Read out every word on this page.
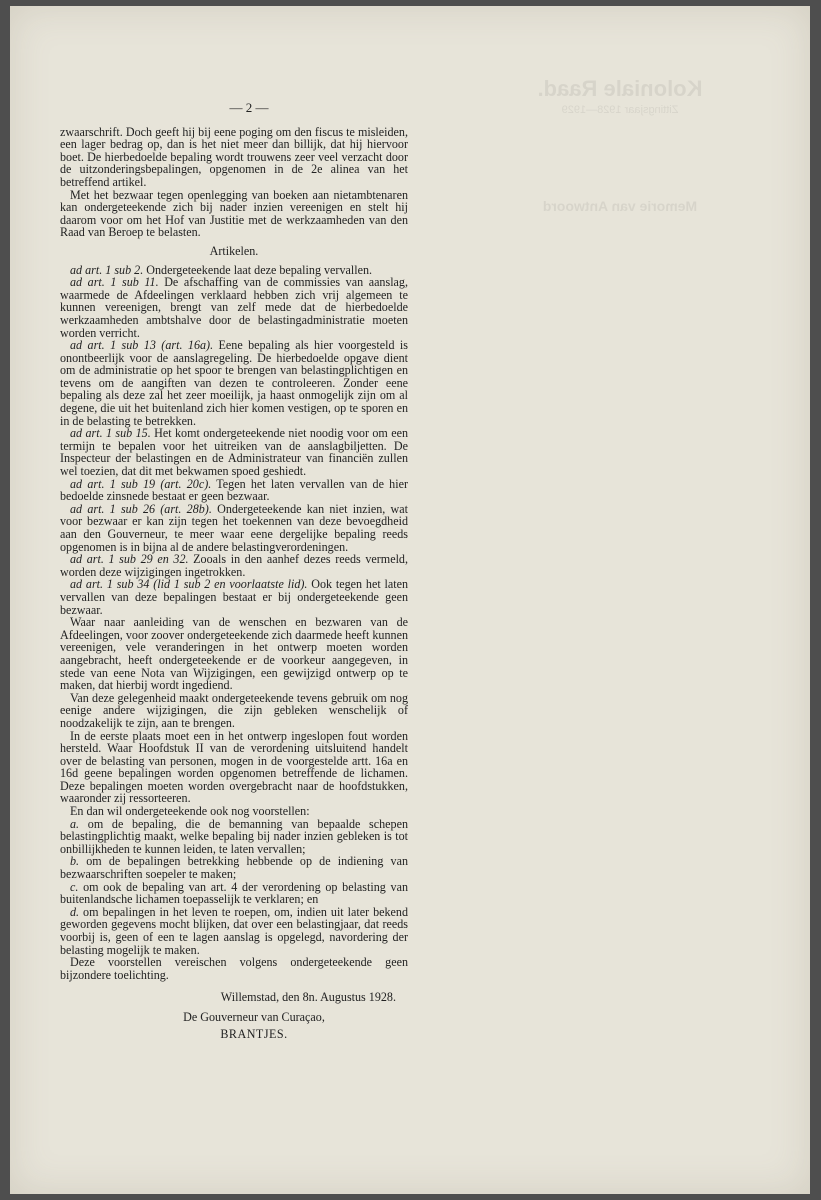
Koloniale Raad.
Zittingsjaar 1928—1929
Memorie van Antwoord
— 2 —

zwaarschrift. Doch geeft hij bij eene poging om den fiscus te misleiden, een lager bedrag op, dan is het niet meer dan billijk, dat hij hiervoor boet. De hierbedoelde bepaling wordt trouwens zeer veel verzacht door de uitzonderingsbepalingen, opgenomen in de 2e alinea van het betreffend artikel.

Met het bezwaar tegen openlegging van boeken aan nietambtenaren kan ondergeteekende zich bij nader inzien vereenigen en stelt hij daarom voor om het Hof van Justitie met de werkzaamheden van den Raad van Beroep te belasten.

Artikelen.

ad art. 1 sub 2. Ondergeteekende laat deze bepaling vervallen.

ad art. 1 sub 11. De afschaffing van de commissies van aanslag, waarmede de Afdeelingen verklaard hebben zich vrij algemeen te kunnen vereenigen, brengt van zelf mede dat de hierbedoelde werkzaamheden ambtshalve door de belastingadministratie moeten worden verricht.

ad art. 1 sub 13 (art. 16a). Eene bepaling als hier voorgesteld is onontbeerlijk voor de aanslagregeling. De hierbedoelde opgave dient om de administratie op het spoor te brengen van belastingplichtigen en tevens om de aangiften van dezen te controleeren. Zonder eene bepaling als deze zal het zeer moeilijk, ja haast onmogelijk zijn om al degene, die uit het buitenland zich hier komen vestigen, op te sporen en in de belasting te betrekken.

ad art. 1 sub 15. Het komt ondergeteekende niet noodig voor om een termijn te bepalen voor het uitreiken van de aanslagbiljetten. De Inspecteur der belastingen en de Administrateur van financiën zullen wel toezien, dat dit met bekwamen spoed geshiedt.

ad art. 1 sub 19 (art. 20c). Tegen het laten vervallen van de hier bedoelde zinsnede bestaat er geen bezwaar.

ad art. 1 sub 26 (art. 28b). Ondergeteekende kan niet inzien, wat voor bezwaar er kan zijn tegen het toekennen van deze bevoegdheid aan den Gouverneur, te meer waar eene dergelijke bepaling reeds opgenomen is in bijna al de andere belastingverordeningen.

ad art. 1 sub 29 en 32. Zooals in den aanhef dezes reeds vermeld, worden deze wijzigingen ingetrokken.

ad art. 1 sub 34 (lid 1 sub 2 en voorlaatste lid). Ook tegen het laten vervallen van deze bepalingen bestaat er bij ondergeteekende geen bezwaar.

Waar naar aanleiding van de wenschen en bezwaren van de Afdeelingen, voor zoover ondergeteekende zich daarmede heeft kunnen vereenigen, vele veranderingen in het ontwerp moeten worden aangebracht, heeft ondergeteekende er de voorkeur aangegeven, in stede van eene Nota van Wijzigingen, een gewijzigd ontwerp op te maken, dat hierbij wordt ingediend.

Van deze gelegenheid maakt ondergeteekende tevens gebruik om nog eenige andere wijzigingen, die zijn gebleken wenschelijk of noodzakelijk te zijn, aan te brengen.

In de eerste plaats moet een in het ontwerp ingeslopen fout worden hersteld. Waar Hoofdstuk II van de verordening uitsluitend handelt over de belasting van personen, mogen in de voorgestelde artt. 16a en 16d geene bepalingen worden opgenomen betreffende de lichamen. Deze bepalingen moeten worden overgebracht naar de hoofdstukken, waaronder zij ressorteeren.

En dan wil ondergeteekende ook nog voorstellen:

a. om de bepaling, die de bemanning van bepaalde schepen belastingplichtig maakt, welke bepaling bij nader inzien gebleken is tot onbillijkheden te kunnen leiden, te laten vervallen;

b. om de bepalingen betrekking hebbende op de indiening van bezwaarschriften soepeler te maken;

c. om ook de bepaling van art. 4 der verordening op belasting van buitenlandsche lichamen toepasselijk te verklaren; en

d. om bepalingen in het leven te roepen, om, indien uit later bekend geworden gegevens mocht blijken, dat over een belastingjaar, dat reeds voorbij is, geen of een te lagen aanslag is opgelegd, navordering der belasting mogelijk te maken.

Deze voorstellen vereischen volgens ondergeteekende geen bijzondere toelichting.

Willemstad, den 8n. Augustus 1928.
De Gouverneur van Curaçao,
BRANTJES.
